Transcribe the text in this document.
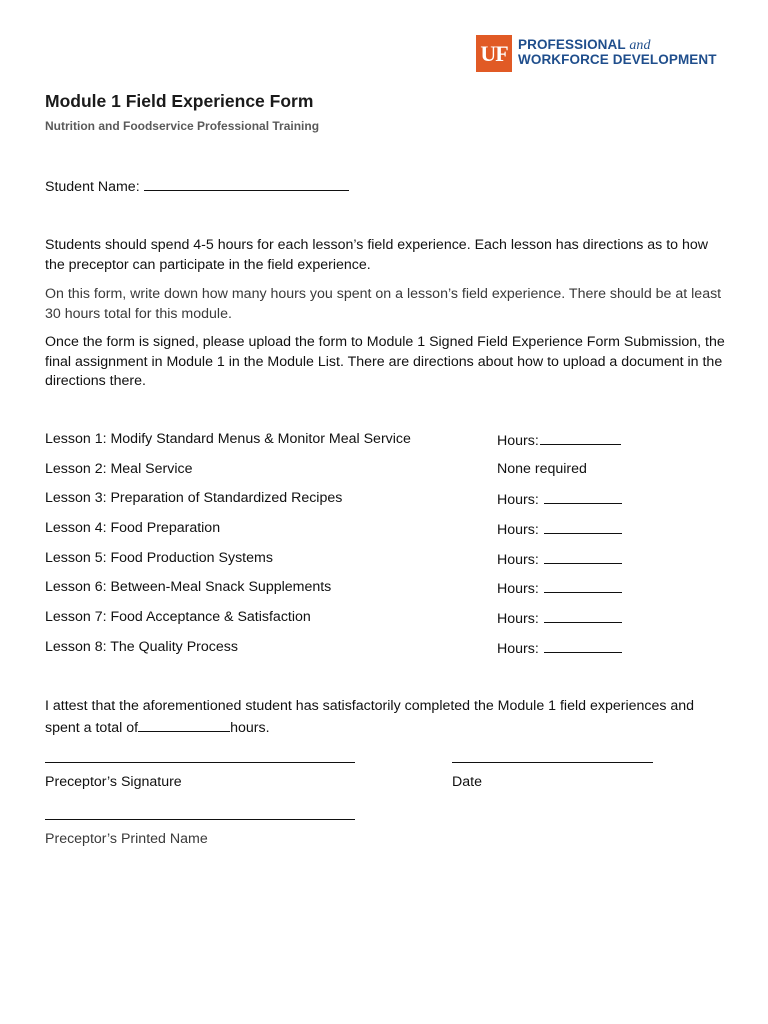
UF PROFESSIONAL and
WORKFORCE DEVELOPMENT
Module 1 Field Experience Form
Nutrition and Foodservice Professional Training
Student Name:
Students should spend 4-5 hours for each lesson’s field experience. Each lesson has directions as to how the preceptor can participate in the field experience.
On this form, write down how many hours you spent on a lesson’s field experience. There should be at least 30 hours total for this module.
Once the form is signed, please upload the form to Module 1 Signed Field Experience Form Submission, the final assignment in Module 1 in the Module List. There are directions about how to upload a document in the directions there.
Lesson 1: Modify Standard Menus & Monitor Meal Service	Hours:
Lesson 2: Meal Service	None required
Lesson 3: Preparation of Standardized Recipes	Hours:
Lesson 4: Food Preparation	Hours:
Lesson 5: Food Production Systems	Hours:
Lesson 6: Between-Meal Snack Supplements	Hours:
Lesson 7: Food Acceptance & Satisfaction	Hours:
Lesson 8: The Quality Process	Hours:
I attest that the aforementioned student has satisfactorily completed the Module 1 field experiences and spent a total of	hours.
Preceptor’s Signature	Date
Preceptor’s Printed Name
